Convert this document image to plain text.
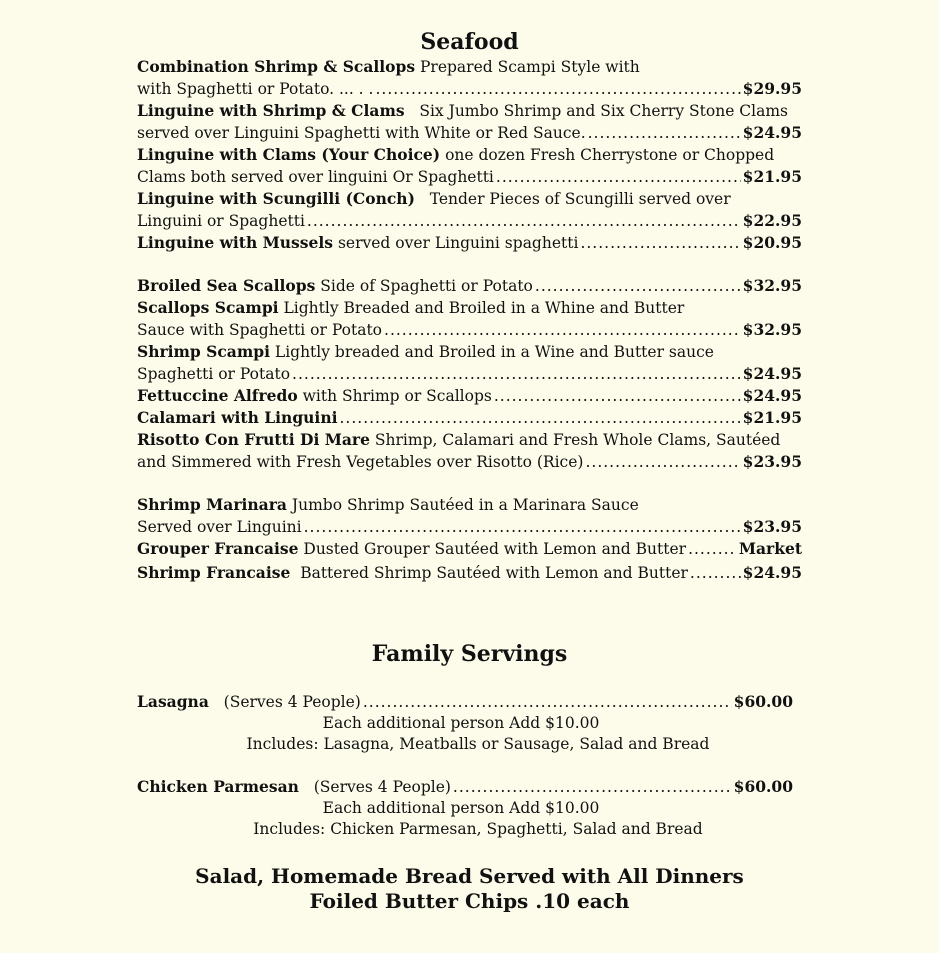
Seafood
Combination Shrimp & Scallops
Prepared Scampi Style with
with Spaghetti or Potato. ... . . .....	$29.95
Linguine with Shrimp & Clams
Six Jumbo Shrimp and Six Cherry Stone Clams
served over Linguini Spaghetti with White or Red Sauce. .....	$24.95
Linguine with Clams (Your Choice)
one dozen Fresh Cherrystone or Chopped
Clams both served over linguini Or Spaghetti .....	$21.95
Linguine with Scungilli (Conch)
Tender Pieces of Scungilli served over
Linguini or Spaghetti .....	$22.95
Linguine with Mussels
served over Linguini spaghetti .....	$20.95
Broiled Sea Scallops
Side of Spaghetti or Potato .....	$32.95
Scallops Scampi
Lightly Breaded and Broiled in a Whine and Butter
Sauce with Spaghetti or Potato .....	$32.95
Shrimp Scampi
Lightly breaded and Broiled in a Wine and Butter sauce
Spaghetti or Potato .....	$24.95
Fettuccine Alfredo
with Shrimp or Scallops .....	$24.95
Calamari with Linguini .....	$21.95
Risotto Con Frutti Di Mare
Shrimp, Calamari and Fresh Whole Clams, Sautéed
and Simmered with Fresh Vegetables over Risotto (Rice) .....	$23.95
Shrimp Marinara
Jumbo Shrimp Sautéed in a Marinara Sauce
Served over Linguini .....	$23.95
Grouper Francaise
Dusted Grouper Sautéed with Lemon and Butter .....	Market
Shrimp Francaise
Battered Shrimp Sautéed with Lemon and Butter .....	$24.95
Family Servings
Lasagna
(Serves 4 People) .....	$60.00
Each additional person Add $10.00
Includes: Lasagna, Meatballs or Sausage, Salad and Bread
Chicken Parmesan
(Serves 4 People) .....	$60.00
Each additional person Add $10.00
Includes: Chicken Parmesan, Spaghetti, Salad and Bread
Salad, Homemade Bread Served with All Dinners
Foiled Butter Chips .10 each
